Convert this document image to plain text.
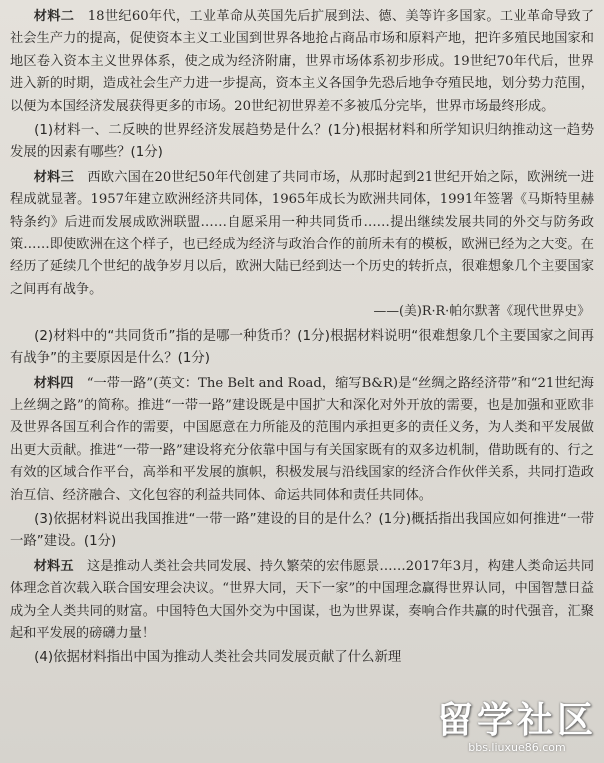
材料二　 18世纪60年代，工业革命从英国先后扩展到法、德、美等许多国家。工业革命导致了社会生产力的提高，促使资本主义工业国到世界各地抢占商品市场和原料产地，把许多殖民地国家和地区卷入资本主义世界体系，使之成为经济附庸，世界市场体系初步形成。19世纪70年代后，世界进入新的时期，造成社会生产力进一步提高，资本主义各国争先恐后地争夺殖民地，划分势力范围，以便为本国经济发展获得更多的市场。20世纪初世界差不多被瓜分完毕，世界市场最终形成。

(1)材料一、二反映的世界经济发展趋势是什么？(1分)根据材料和所学知识归纳推动这一趋势发展的因素有哪些？(1分)

材料三　 西欧六国在20世纪50年代创建了共同市场，从那时起到21世纪开始之际，欧洲统一进程成就显著。1957年建立欧洲经济共同体，1965年成长为欧洲共同体，1991年签署《马斯特里赫特条约》后进而发展成欧洲联盟……自愿采用一种共同货币……提出继续发展共同的外交与防务政策……即使欧洲在这个样子，也已经成为经济与政治合作的前所未有的模板，欧洲已经为之大变。在经历了延续几个世纪的战争岁月以后，欧洲大陆已经到达一个历史的转折点，很难想象几个主要国家之间再有战争。

——(美)R·R·帕尔默著《现代世界史》

(2)材料中的“共同货币”指的是哪一种货币？(1分)根据材料说明“很难想象几个主要国家之间再有战争”的主要原因是什么？(1分)

材料四　 “一带一路”(英文：The Belt and Road，缩写B&R)是“丝绸之路经济带”和“21世纪海上丝绸之路”的简称。推进“一带一路”建设既是中国扩大和深化对外开放的需要，也是加强和亚欧非及世界各国互利合作的需要，中国愿意在力所能及的范围内承担更多的责任义务，为人类和平发展做出更大贡献。推进“一带一路”建设将充分依靠中国与有关国家既有的双多边机制，借助既有的、行之有效的区域合作平台，高举和平发展的旗帜，积极发展与沿线国家的经济合作伙伴关系，共同打造政治互信、经济融合、文化包容的利益共同体、命运共同体和责任共同体。

(3)依据材料说出我国推进“一带一路”建设的目的是什么？(1分)概括指出我国应如何推进“一带一路”建设。(1分)

材料五　 这是推动人类社会共同发展、持久繁荣的宏伟愿景……2017年3月，构建人类命运共同体理念首次载入联合国安理会决议。“世界大同，天下一家”的中国理念赢得世界认同，中国智慧日益成为全人类共同的财富。中国特色大国外交为中国谋，也为世界谋，奏响合作共赢的时代强音，汇聚起和平发展的磅礴力量！

(4)依据材料指出中国为推动人类社会共同发展贡献了什么新理

留学社区
bbs.liuxue86.com
